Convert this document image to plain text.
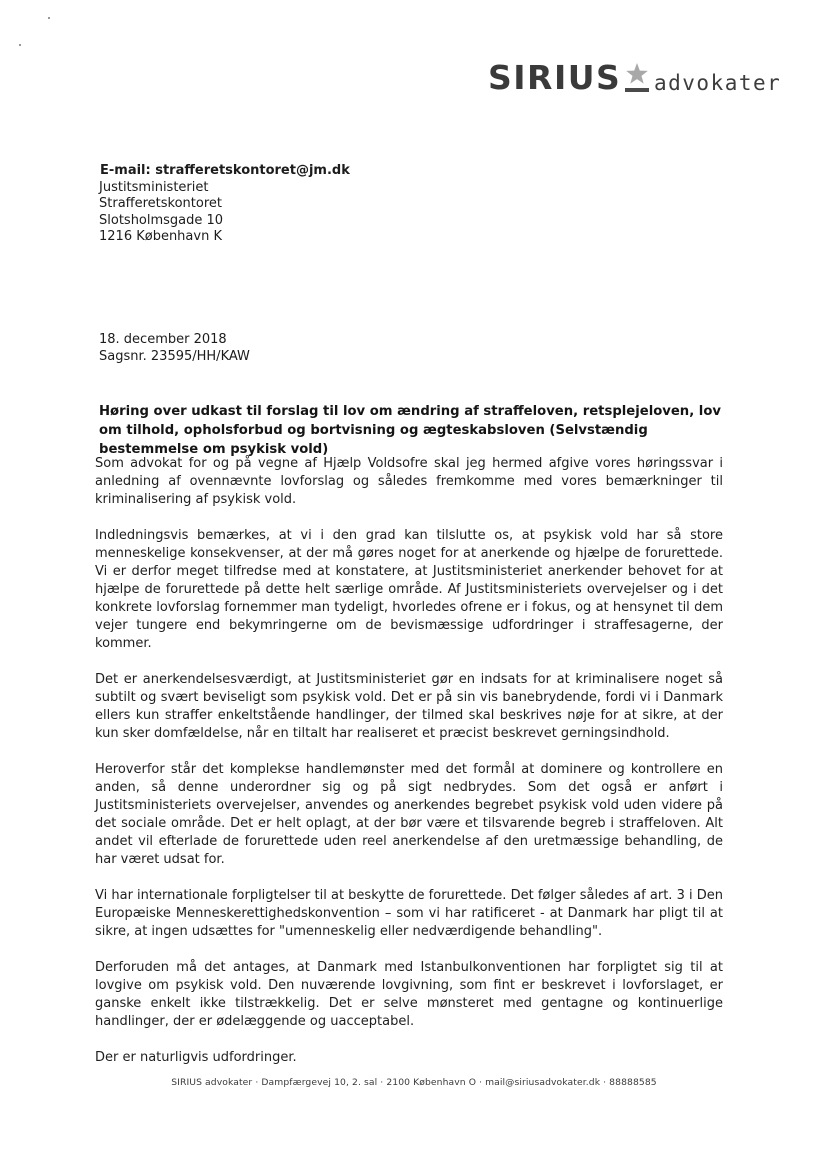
SIRIUS advokater
E-mail: strafferetskontoret@jm.dk
Justitsministeriet
Strafferetskontoret
Slotsholmsgade 10
1216 København K
18. december 2018
Sagsnr. 23595/HH/KAW
Høring over udkast til forslag til lov om ændring af straffeloven, retsplejeloven, lov om tilhold, opholsforbud og bortvisning og ægteskabsloven (Selvstændig bestemmelse om psykisk vold)

Som advokat for og på vegne af Hjælp Voldsofre skal jeg hermed afgive vores høringssvar i anledning af ovennævnte lovforslag og således fremkomme med vores bemærkninger til kriminalisering af psykisk vold.

Indledningsvis bemærkes, at vi i den grad kan tilslutte os, at psykisk vold har så store menneskelige konsekvenser, at der må gøres noget for at anerkende og hjælpe de forurettede. Vi er derfor meget tilfredse med at konstatere, at Justitsministeriet anerkender behovet for at hjælpe de forurettede på dette helt særlige område. Af Justitsministeriets overvejelser og i det konkrete lovforslag fornemmer man tydeligt, hvorledes ofrene er i fokus, og at hensynet til dem vejer tungere end bekymringerne om de bevismæssige udfordringer i straffesagerne, der kommer.

Det er anerkendelsesværdigt, at Justitsministeriet gør en indsats for at kriminalisere noget så subtilt og svært beviseligt som psykisk vold. Det er på sin vis banebrydende, fordi vi i Danmark ellers kun straffer enkeltstående handlinger, der tilmed skal beskrives nøje for at sikre, at der kun sker domfældelse, når en tiltalt har realiseret et præcist beskrevet gerningsindhold.

Heroverfor står det komplekse handlemønster med det formål at dominere og kontrollere en anden, så denne underordner sig og på sigt nedbrydes. Som det også er anført i Justitsministeriets overvejelser, anvendes og anerkendes begrebet psykisk vold uden videre på det sociale område. Det er helt oplagt, at der bør være et tilsvarende begreb i straffeloven. Alt andet vil efterlade de forurettede uden reel anerkendelse af den uretmæssige behandling, de har været udsat for.

Vi har internationale forpligtelser til at beskytte de forurettede. Det følger således af art. 3 i Den Europæiske Menneskerettighedskonvention – som vi har ratificeret - at Danmark har pligt til at sikre, at ingen udsættes for "umenneskelig eller nedværdigende behandling".

Derforuden må det antages, at Danmark med Istanbulkonventionen har forpligtet sig til at lovgive om psykisk vold. Den nuværende lovgivning, som fint er beskrevet i lovforslaget, er ganske enkelt ikke tilstrækkelig. Det er selve mønsteret med gentagne og kontinuerlige handlinger, der er ødelæggende og uacceptabel.

Der er naturligvis udfordringer.

SIRIUS advokater · Dampfærgevej 10, 2. sal · 2100 København O · mail@siriusadvokater.dk · 88888585
